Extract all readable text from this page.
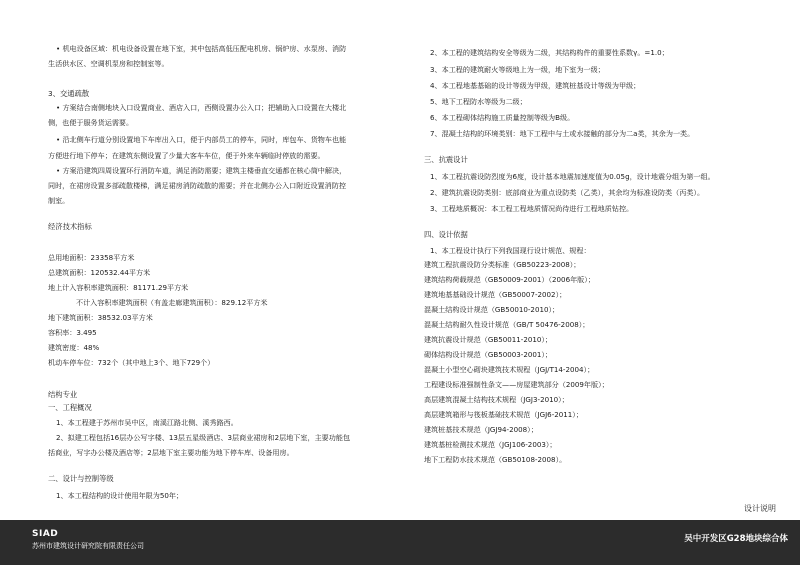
• 机电设备区域：机电设备设置在地下室，其中包括高低压配电机房、锅炉房、水泵房、消防
生活供水区、空调机泵房和控制室等。
3、交通疏散
• 方案结合南侧地块入口设置商业、酒店入口，西侧设置办公入口；把辅助入口设置在大楼北
侧，也便于服务货运需要。
• 沿北侧车行道分别设置地下车库出入口，便于内部员工的停车，同时，库包车、货物车也能
方便进行地下停车；在建筑东侧设置了少量大客车车位，便于外来车辆临时停放的需要。
• 方案沿建筑四周设置环行消防车道，满足消防需要；建筑主楼垂直交通都在核心筒中解决，
同时，在裙房设置多部疏散楼梯，满足裙房消防疏散的需要；并在北侧办公入口附近设置消防控
制室。
经济技术指标
总用地面积：23358平方米
总建筑面积：120532.44平方米
地上计入容积率建筑面积：81171.29平方米
不计入容积率建筑面积（有盖走廊建筑面积）：829.12平方米
地下建筑面积：38532.03平方米
容积率：3.495
建筑密度：48%
机动车停车位：732个（其中地上3个、地下729个）
结构专业
一、工程概况
1、本工程建于苏州市吴中区，南溪江路北侧、溪秀路西。
2、拟建工程包括16层办公写字楼、13层五星级酒店、3层商业裙房和2层地下室，主要功能包
括商业，写字办公楼及酒店等；2层地下室主要功能为地下停车库、设备用房。
二、设计与控制等级
1、本工程结构的设计使用年限为50年；
2、本工程的建筑结构安全等级为二级，其结构构件的重要性系数γ。=1.0；
3、本工程的建筑耐火等级地上为一级，地下室为一级；
4、本工程地基基础的设计等级为甲级，建筑桩基设计等级为甲级；
5、地下工程防水等级为二级；
6、本工程砌体结构施工质量控制等级为B级。
7、混凝土结构的环境类别：地下工程中与土或水接触的部分为二a类，其余为一类。
三、抗震设计
1、本工程抗震设防烈度为6度，设计基本地震加速度值为0.05g，设计地震分组为第一组。
2、建筑抗震设防类别：底部商业为重点设防类（乙类），其余均为标准设防类（丙类）。
3、工程地质概况：本工程工程地质情况尚待进行工程地质钻控。
四、设计依据
1、本工程设计执行下列我国现行设计规范、规程：
建筑工程抗震设防分类标准（GB50223-2008）；
建筑结构荷载规范（GB50009-2001）（2006年版）；
建筑地基基础设计规范（GB50007-2002）；
混凝土结构设计规范（GB50010-2010）；
混凝土结构耐久性设计规范（GB/T 50476-2008）；
建筑抗震设计规范（GB50011-2010）；
砌体结构设计规范（GB50003-2001）；
混凝土小型空心砌块建筑技术规程（JGJ/T14-2004）；
工程建设标准强制性条文——房屋建筑部分（2009年版）；
高层建筑混凝土结构技术规程（JGJ3-2010）；
高层建筑箱形与筏板基础技术规范（JGJ6-2011）；
建筑桩基技术规范（JGJ94-2008）；
建筑基桩检测技术规范（JGJ106-2003）；
地下工程防水技术规范（GB50108-2008）。
设计说明
SIAD
苏州市建筑设计研究院有限责任公司
吴中开发区G28地块综合体
